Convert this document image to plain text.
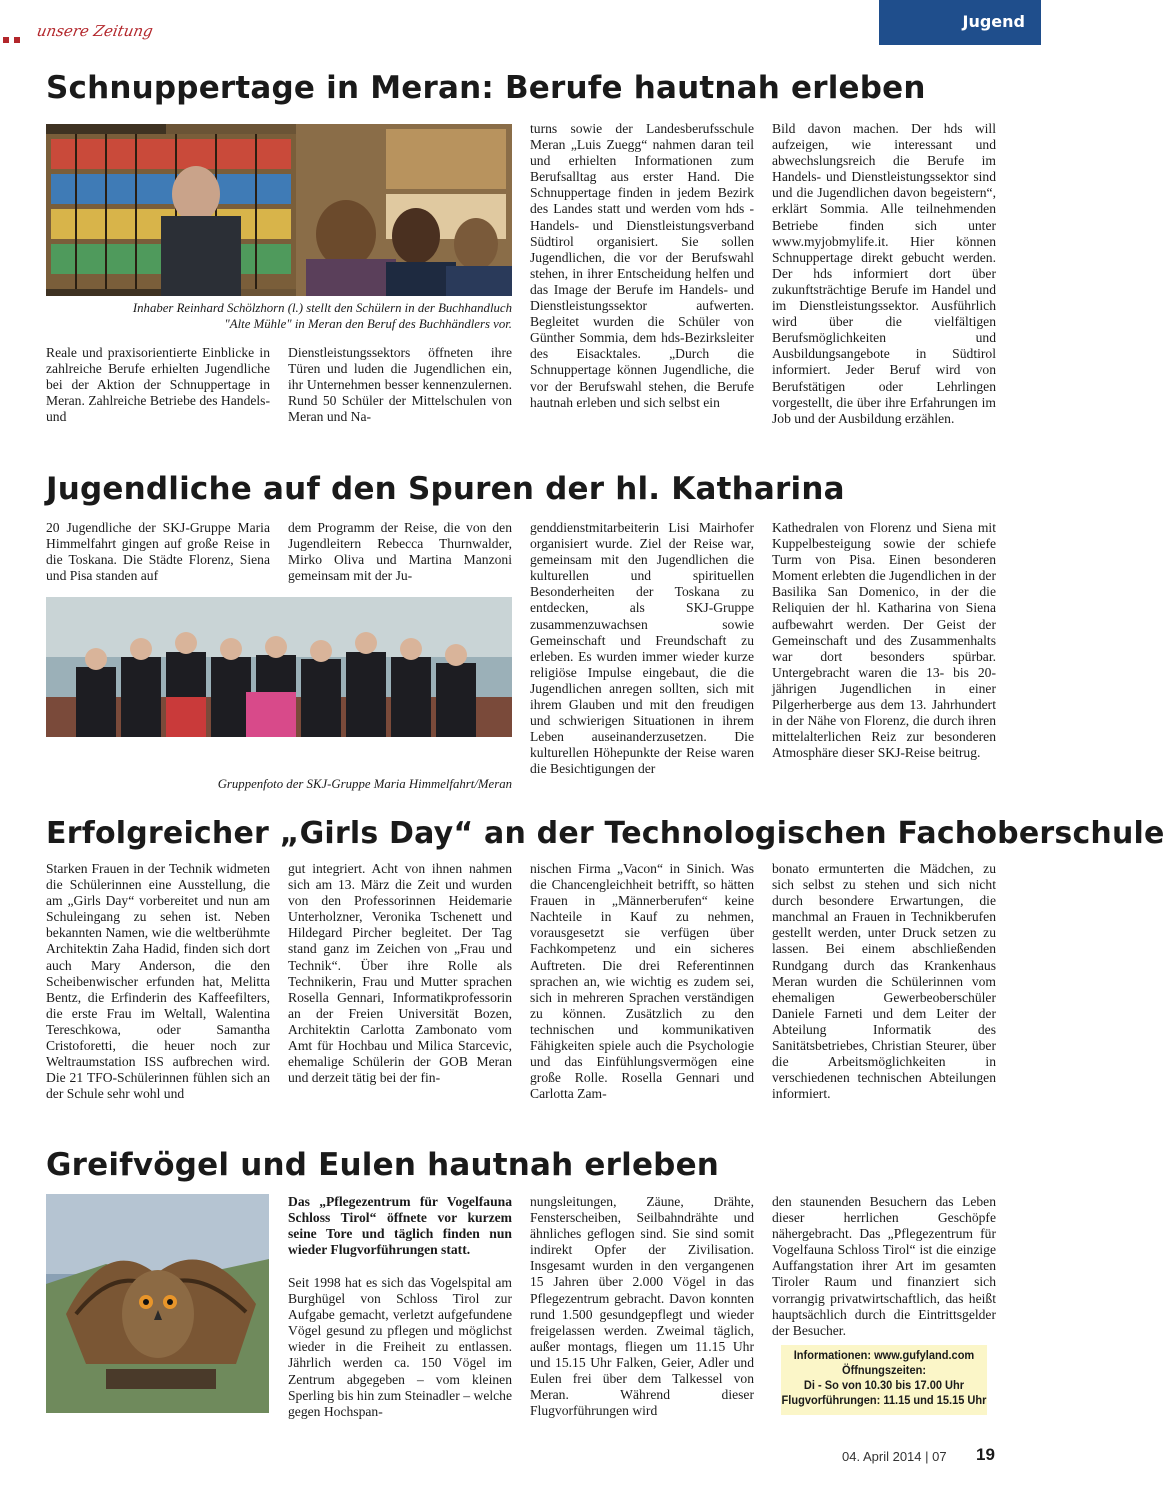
unsere Zeitung	Jugend
Schnuppertage in Meran: Berufe hautnah erleben
Inhaber Reinhard Schölzhorn (l.) stellt den Schülern in der Buchhandluch
"Alte Mühle" in Meran den Beruf des Buchhändlers vor.
Reale und praxisorientierte Einblicke in zahlreiche Berufe erhielten Jugendliche bei der Aktion der Schnuppertage in Meran. Zahlreiche Betriebe des Handels- und
Dienstleistungssektors öffneten ihre Türen und luden die Jugendlichen ein, ihr Unternehmen besser kennenzulernen. Rund 50 Schüler der Mittelschulen von Meran und Na-
turns sowie der Landesberufsschule Meran „Luis Zuegg“ nahmen daran teil und erhielten Informationen zum Berufsalltag aus erster Hand. Die Schnuppertage finden in jedem Bezirk des Landes statt und werden vom hds - Handels- und Dienstleistungsverband Südtirol organisiert. Sie sollen Jugendlichen, die vor der Berufswahl stehen, in ihrer Entscheidung helfen und das Image der Berufe im Handels- und Dienstleistungssektor aufwerten. Begleitet wurden die Schüler von Günther Sommia, dem hds-Bezirksleiter des Eisacktales. „Durch die Schnuppertage können Jugendliche, die vor der Berufswahl stehen, die Berufe hautnah erleben und sich selbst ein
Bild davon machen. Der hds will aufzeigen, wie interessant und abwechslungsreich die Berufe im Handels- und Dienstleistungssektor sind und die Jugendlichen davon begeistern“, erklärt Sommia. Alle teilnehmenden Betriebe finden sich unter www.myjobmylife.it. Hier können Schnuppertage direkt gebucht werden. Der hds informiert dort über zukunftsträchtige Berufe im Handel und im Dienstleistungssektor. Ausführlich wird über die vielfältigen Berufsmöglichkeiten und Ausbildungsangebote in Südtirol informiert. Jeder Beruf wird von Berufstätigen oder Lehrlingen vorgestellt, die über ihre Erfahrungen im Job und der Ausbildung erzählen.
Jugendliche auf den Spuren der hl. Katharina
20 Jugendliche der SKJ-Gruppe Maria Himmelfahrt gingen auf große Reise in die Toskana. Die Städte Florenz, Siena und Pisa standen auf
dem Programm der Reise, die von den Jugendleitern Rebecca Thurnwalder, Mirko Oliva und Martina Manzoni gemeinsam mit der Ju-
Gruppenfoto der SKJ-Gruppe Maria Himmelfahrt/Meran
genddienstmitarbeiterin Lisi Mairhofer organisiert wurde. Ziel der Reise war, gemeinsam mit den Jugendlichen die kulturellen und spirituellen Besonderheiten der Toskana zu entdecken, als SKJ-Gruppe zusammenzuwachsen sowie Gemeinschaft und Freundschaft zu erleben. Es wurden immer wieder kurze religiöse Impulse eingebaut, die die Jugendlichen anregen sollten, sich mit ihrem Glauben und mit den freudigen und schwierigen Situationen in ihrem Leben auseinanderzusetzen. Die kulturellen Höhepunkte der Reise waren die Besichtigungen der
Kathedralen von Florenz und Siena mit Kuppelbesteigung sowie der schiefe Turm von Pisa. Einen besonderen Moment erlebten die Jugendlichen in der Basilika San Domenico, in der die Reliquien der hl. Katharina von Siena aufbewahrt werden. Der Geist der Gemeinschaft und des Zusammenhalts war dort besonders spürbar. Untergebracht waren die 13- bis 20-jährigen Jugendlichen in einer Pilgerherberge aus dem 13. Jahrhundert in der Nähe von Florenz, die durch ihren mittelalterlichen Reiz zur besonderen Atmosphäre dieser SKJ-Reise beitrug.
Erfolgreicher „Girls Day“ an der Technologischen Fachoberschule
Starken Frauen in der Technik widmeten die Schülerinnen eine Ausstellung, die am „Girls Day“ vorbereitet und nun am Schuleingang zu sehen ist. Neben bekannten Namen, wie die weltberühmte Architektin Zaha Hadid, finden sich dort auch Mary Anderson, die den Scheibenwischer erfunden hat, Melitta Bentz, die Erfinderin des Kaffeefilters, die erste Frau im Weltall, Walentina Tereschkowa, oder Samantha Cristoforetti, die heuer noch zur Weltraumstation ISS aufbrechen wird. Die 21 TFO-Schülerinnen fühlen sich an der Schule sehr wohl und
gut integriert. Acht von ihnen nahmen sich am 13. März die Zeit und wurden von den Professorinnen Heidemarie Unterholzner, Veronika Tschenett und Hildegard Pircher begleitet. Der Tag stand ganz im Zeichen von „Frau und Technik“. Über ihre Rolle als Technikerin, Frau und Mutter sprachen Rosella Gennari, Informatikprofessorin an der Freien Universität Bozen, Architektin Carlotta Zambonato vom Amt für Hochbau und Milica Starcevic, ehemalige Schülerin der GOB Meran und derzeit tätig bei der fin-
nischen Firma „Vacon“ in Sinich. Was die Chancengleichheit betrifft, so hätten Frauen in „Männerberufen“ keine Nachteile in Kauf zu nehmen, vorausgesetzt sie verfügen über Fachkompetenz und ein sicheres Auftreten. Die drei Referentinnen sprachen an, wie wichtig es zudem sei, sich in mehreren Sprachen verständigen zu können. Zusätzlich zu den technischen und kommunikativen Fähigkeiten spiele auch die Psychologie und das Einfühlungsvermögen eine große Rolle. Rosella Gennari und Carlotta Zam-
bonato ermunterten die Mädchen, zu sich selbst zu stehen und sich nicht durch besondere Erwartungen, die manchmal an Frauen in Technikberufen gestellt werden, unter Druck setzen zu lassen. Bei einem abschließenden Rundgang durch das Krankenhaus Meran wurden die Schülerinnen vom ehemaligen Gewerbeoberschüler Daniele Farneti und dem Leiter der Abteilung Informatik des Sanitätsbetriebes, Christian Steurer, über die Arbeitsmöglichkeiten in verschiedenen technischen Abteilungen informiert.
Greifvögel und Eulen hautnah erleben
Das „Pflegezentrum für Vogelfauna Schloss Tirol“ öffnete vor kurzem seine Tore und täglich finden nun wieder Flugvorführungen statt.
Seit 1998 hat es sich das Vogelspital am Burghügel von Schloss Tirol zur Aufgabe gemacht, verletzt aufgefundene Vögel gesund zu pflegen und möglichst wieder in die Freiheit zu entlassen. Jährlich werden ca. 150 Vögel im Zentrum abgegeben – vom kleinen Sperling bis hin zum Steinadler – welche gegen Hochspan-
nungsleitungen, Zäune, Drähte, Fensterscheiben, Seilbahndrähte und ähnliches geflogen sind. Sie sind somit indirekt Opfer der Zivilisation. Insgesamt wurden in den vergangenen 15 Jahren über 2.000 Vögel in das Pflegezentrum gebracht. Davon konnten rund 1.500 gesundgepflegt und wieder freigelassen werden. Zweimal täglich, außer montags, fliegen um 11.15 Uhr und 15.15 Uhr Falken, Geier, Adler und Eulen frei über dem Talkessel von Meran. Während dieser Flugvorführungen wird
den staunenden Besuchern das Leben dieser herrlichen Geschöpfe nähergebracht. Das „Pflegezentrum für Vogelfauna Schloss Tirol“ ist die einzige Auffangstation ihrer Art im gesamten Tiroler Raum und finanziert sich vorrangig privatwirtschaftlich, das heißt hauptsächlich durch die Eintrittsgelder der Besucher.
Informationen: www.gufyland.com
Öffnungszeiten:
Di - So von 10.30 bis 17.00 Uhr
Flugvorführungen: 11.15 und 15.15 Uhr
04. April 2014 | 07 19
